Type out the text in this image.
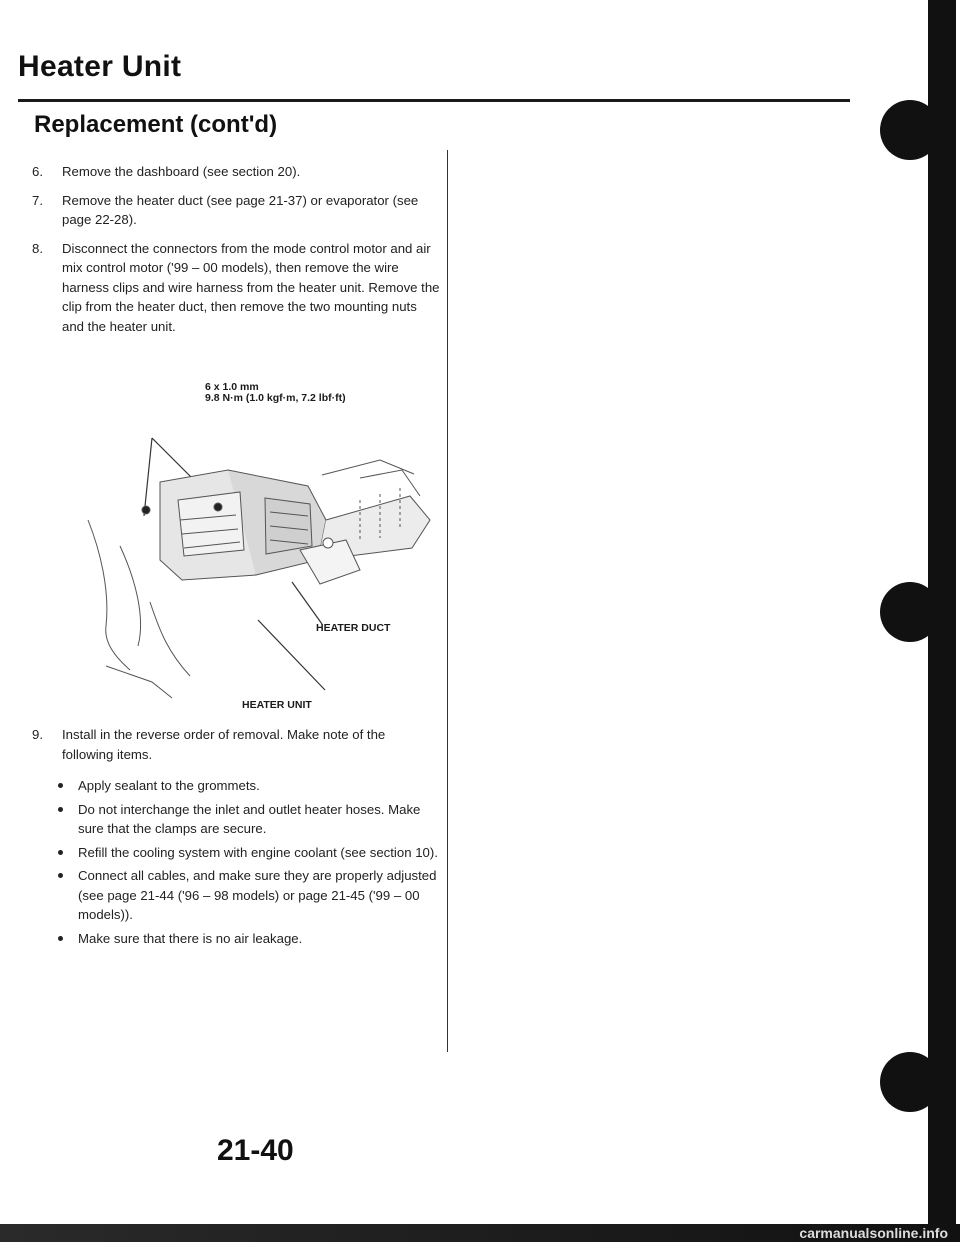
Heater Unit
Replacement (cont'd)
6.	Remove the dashboard (see section 20).
7.	Remove the heater duct (see page 21-37) or evaporator (see page 22-28).
8.	Disconnect the connectors from the mode control motor and air mix control motor ('99 – 00 models), then remove the wire harness clips and wire harness from the heater unit. Remove the clip from the heater duct, then remove the two mounting nuts and the heater unit.
6 x 1.0 mm
9.8 N·m (1.0 kgf·m, 7.2 lbf·ft)
HEATER DUCT
HEATER UNIT
9.	Install in the reverse order of removal. Make note of the following items.
Apply sealant to the grommets.
Do not interchange the inlet and outlet heater hoses. Make sure that the clamps are secure.
Refill the cooling system with engine coolant (see section 10).
Connect all cables, and make sure they are properly adjusted (see page 21-44 ('96 – 98 models) or page 21-45 ('99 – 00 models)).
Make sure that there is no air leakage.
21-40
carmanualsonline.info
